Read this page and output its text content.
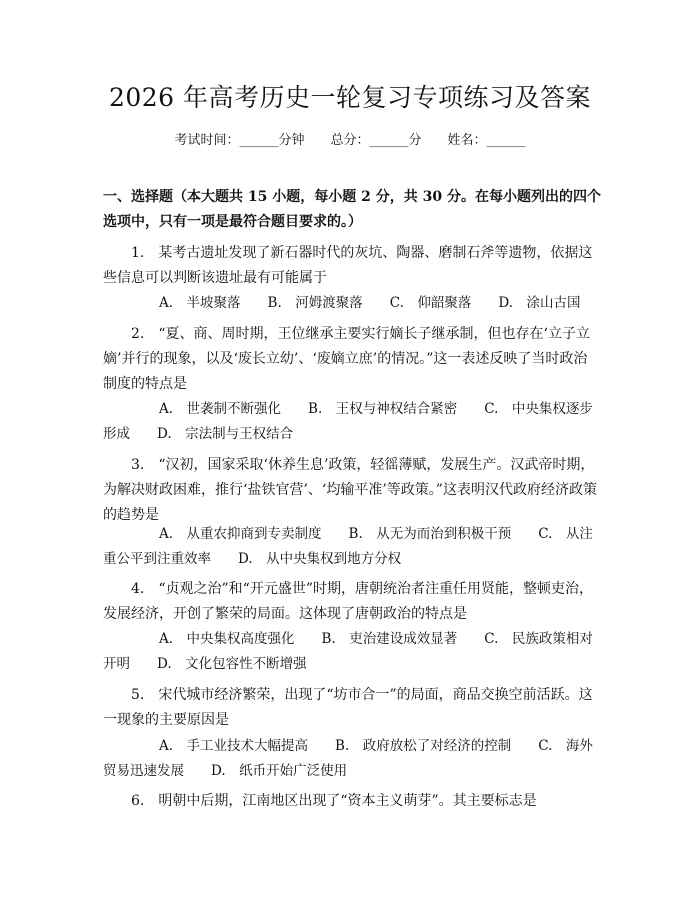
2026 年高考历史一轮复习专项练习及答案
考试时间：______分钟 总分：______分 姓名：______
一、选择题（本大题共 15 小题，每小题 2 分，共 30 分。在每小题列出的四个选项中，只有一项是最符合题目要求的。）
1.　某考古遗址发现了新石器时代的灰坑、陶器、磨制石斧等遗物，依据这些信息可以判断该遗址最有可能属于
A.　半坡聚落　　B.　河姆渡聚落　　C.　仰韶聚落　　D.　涂山古国
2.　“夏、商、周时期，王位继承主要实行嫡长子继承制，但也存在‘立子立嫡’并行的现象，以及‘废长立幼’、‘废嫡立庶’的情况。”这一表述反映了当时政治制度的特点是
A.　世袭制不断强化　　B.　王权与神权结合紧密　　C.　中央集权逐步形成　　D.　宗法制与王权结合
3.　“汉初，国家采取‘休养生息’政策，轻徭薄赋，发展生产。汉武帝时期，为解决财政困难，推行‘盐铁官营’、‘均输平准’等政策。”这表明汉代政府经济政策的趋势是
A.　从重农抑商到专卖制度　　B.　从无为而治到积极干预　　C.　从注重公平到注重效率　　D.　从中央集权到地方分权
4.　“贞观之治”和“开元盛世”时期，唐朝统治者注重任用贤能，整顿吏治，发展经济，开创了繁荣的局面。这体现了唐朝政治的特点是
A.　中央集权高度强化　　B.　吏治建设成效显著　　C.　民族政策相对开明　　D.　文化包容性不断增强
5.　宋代城市经济繁荣，出现了“坊市合一”的局面，商品交换空前活跃。这一现象的主要原因是
A.　手工业技术大幅提高　　B.　政府放松了对经济的控制　　C.　海外贸易迅速发展　　D.　纸币开始广泛使用
6.　明朝中后期，江南地区出现了“资本主义萌芽”。其主要标志是
